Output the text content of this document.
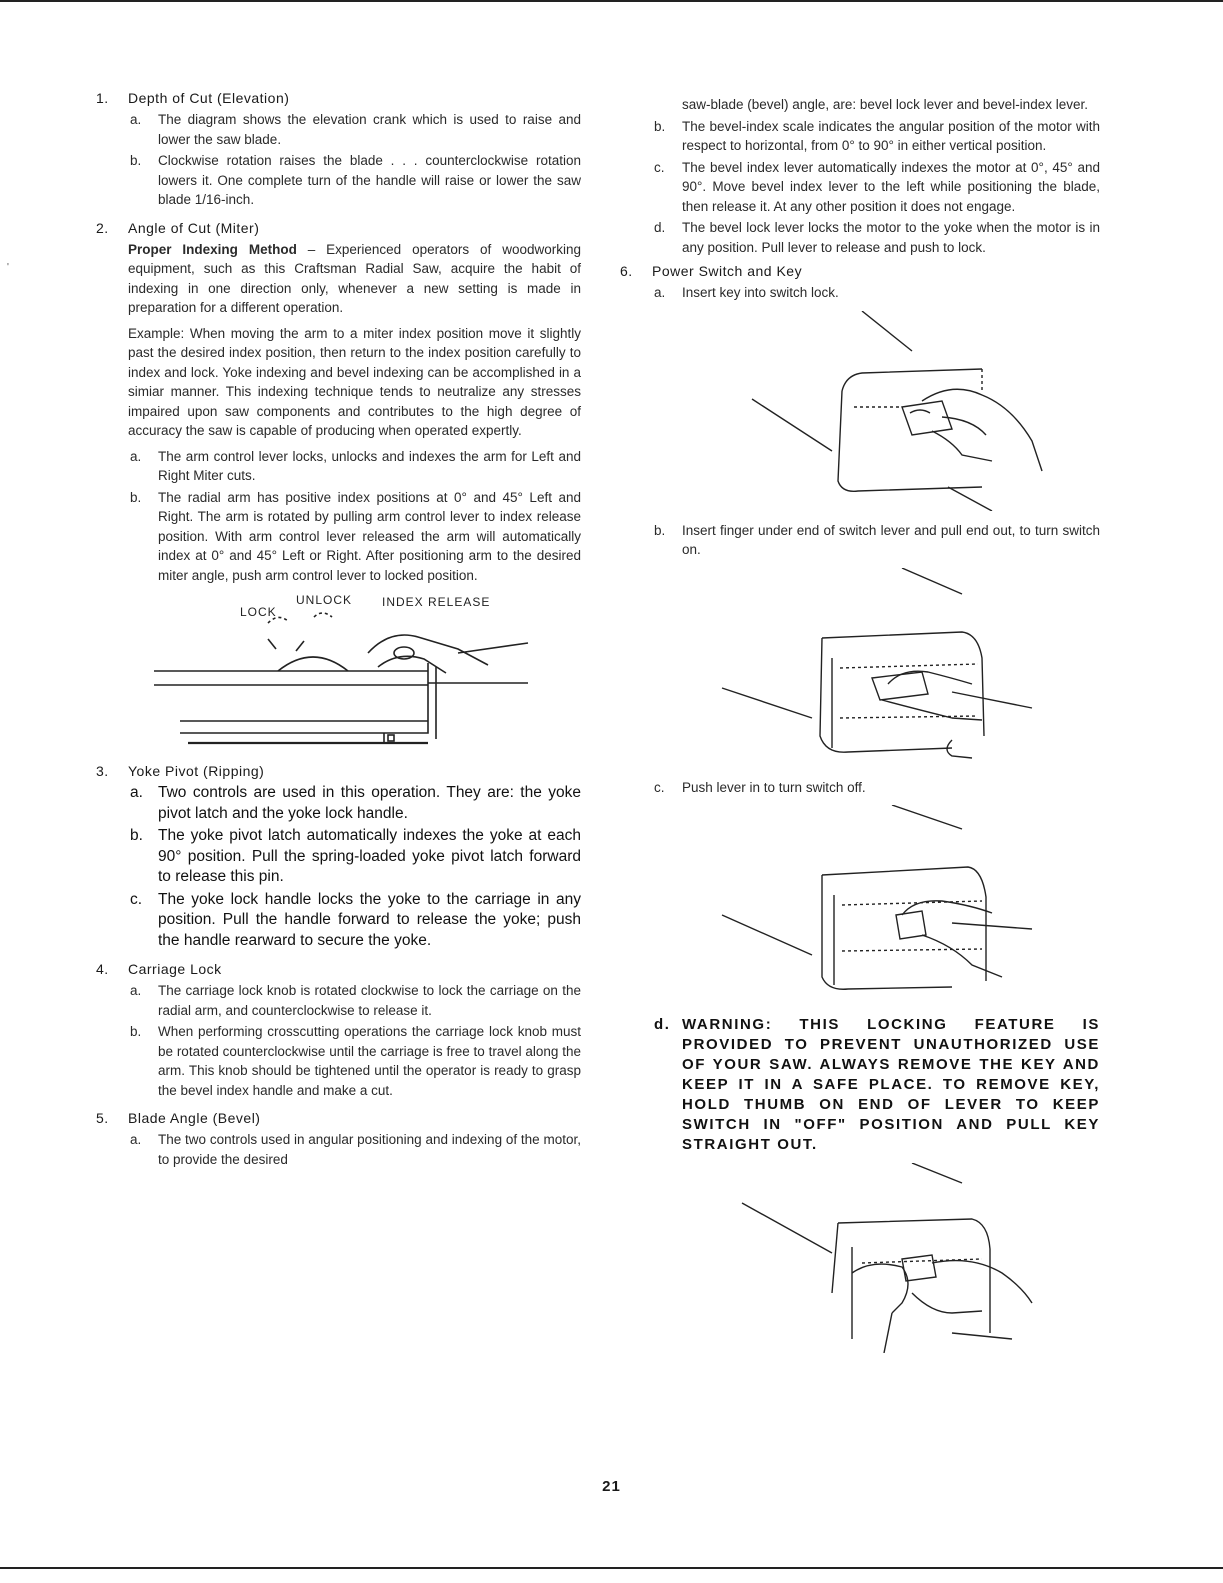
'
1. Depth of Cut (Elevation)
a. The diagram shows the elevation crank which is used to raise and lower the saw blade.
b. Clockwise rotation raises the blade . . . counterclockwise rotation lowers it. One complete turn of the handle will raise or lower the saw blade 1/16-inch.
2. Angle of Cut (Miter)

Proper Indexing Method – Experienced operators of woodworking equipment, such as this Craftsman Radial Saw, acquire the habit of indexing in one direction only, whenever a new setting is made in preparation for a different operation.

Example: When moving the arm to a miter index position move it slightly past the desired index position, then return to the index position carefully to index and lock. Yoke indexing and bevel indexing can be accomplished in a simiar manner. This indexing technique tends to neutralize any stresses impaired upon saw components and contributes to the high degree of accuracy the saw is capable of producing when operated expertly.

a. The arm control lever locks, unlocks and indexes the arm for Left and Right Miter cuts.
b. The radial arm has positive index positions at 0° and 45° Left and Right. The arm is rotated by pulling arm control lever to index release position. With arm control lever released the arm will automatically index at 0° and 45° Left or Right. After positioning arm to the desired miter angle, push arm control lever to locked position.
UNLOCK
LOCK
INDEX RELEASE
3. Yoke Pivot (Ripping)
a. Two controls are used in this operation. They are: the yoke pivot latch and the yoke lock handle.
b. The yoke pivot latch automatically indexes the yoke at each 90° position. Pull the spring-loaded yoke pivot latch forward to release this pin.
c. The yoke lock handle locks the yoke to the carriage in any position. Pull the handle forward to release the yoke; push the handle rearward to secure the yoke.
4. Carriage Lock
a. The carriage lock knob is rotated clockwise to lock the carriage on the radial arm, and counterclockwise to release it.
b. When performing crosscutting operations the carriage lock knob must be rotated counterclockwise until the carriage is free to travel along the arm. This knob should be tightened until the operator is ready to grasp the bevel index handle and make a cut.
5. Blade Angle (Bevel)
a. The two controls used in angular positioning and indexing of the motor, to provide the desired
saw-blade (bevel) angle, are: bevel lock lever and bevel-index lever.
b. The bevel-index scale indicates the angular position of the motor with respect to horizontal, from 0° to 90° in either vertical position.
c. The bevel index lever automatically indexes the motor at 0°, 45° and 90°. Move bevel index lever to the left while positioning the blade, then release it. At any other position it does not engage.
d. The bevel lock lever locks the motor to the yoke when the motor is in any position. Pull lever to release and push to lock.
6. Power Switch and Key
a. Insert key into switch lock.
b. Insert finger under end of switch lever and pull end out, to turn switch on.
c. Push lever in to turn switch off.
d. WARNING: THIS LOCKING FEATURE IS PROVIDED TO PREVENT UNAUTHORIZED USE OF YOUR SAW. ALWAYS REMOVE THE KEY AND KEEP IT IN A SAFE PLACE. TO REMOVE KEY, HOLD THUMB ON END OF LEVER TO KEEP SWITCH IN "OFF" POSITION AND PULL KEY STRAIGHT OUT.
21
